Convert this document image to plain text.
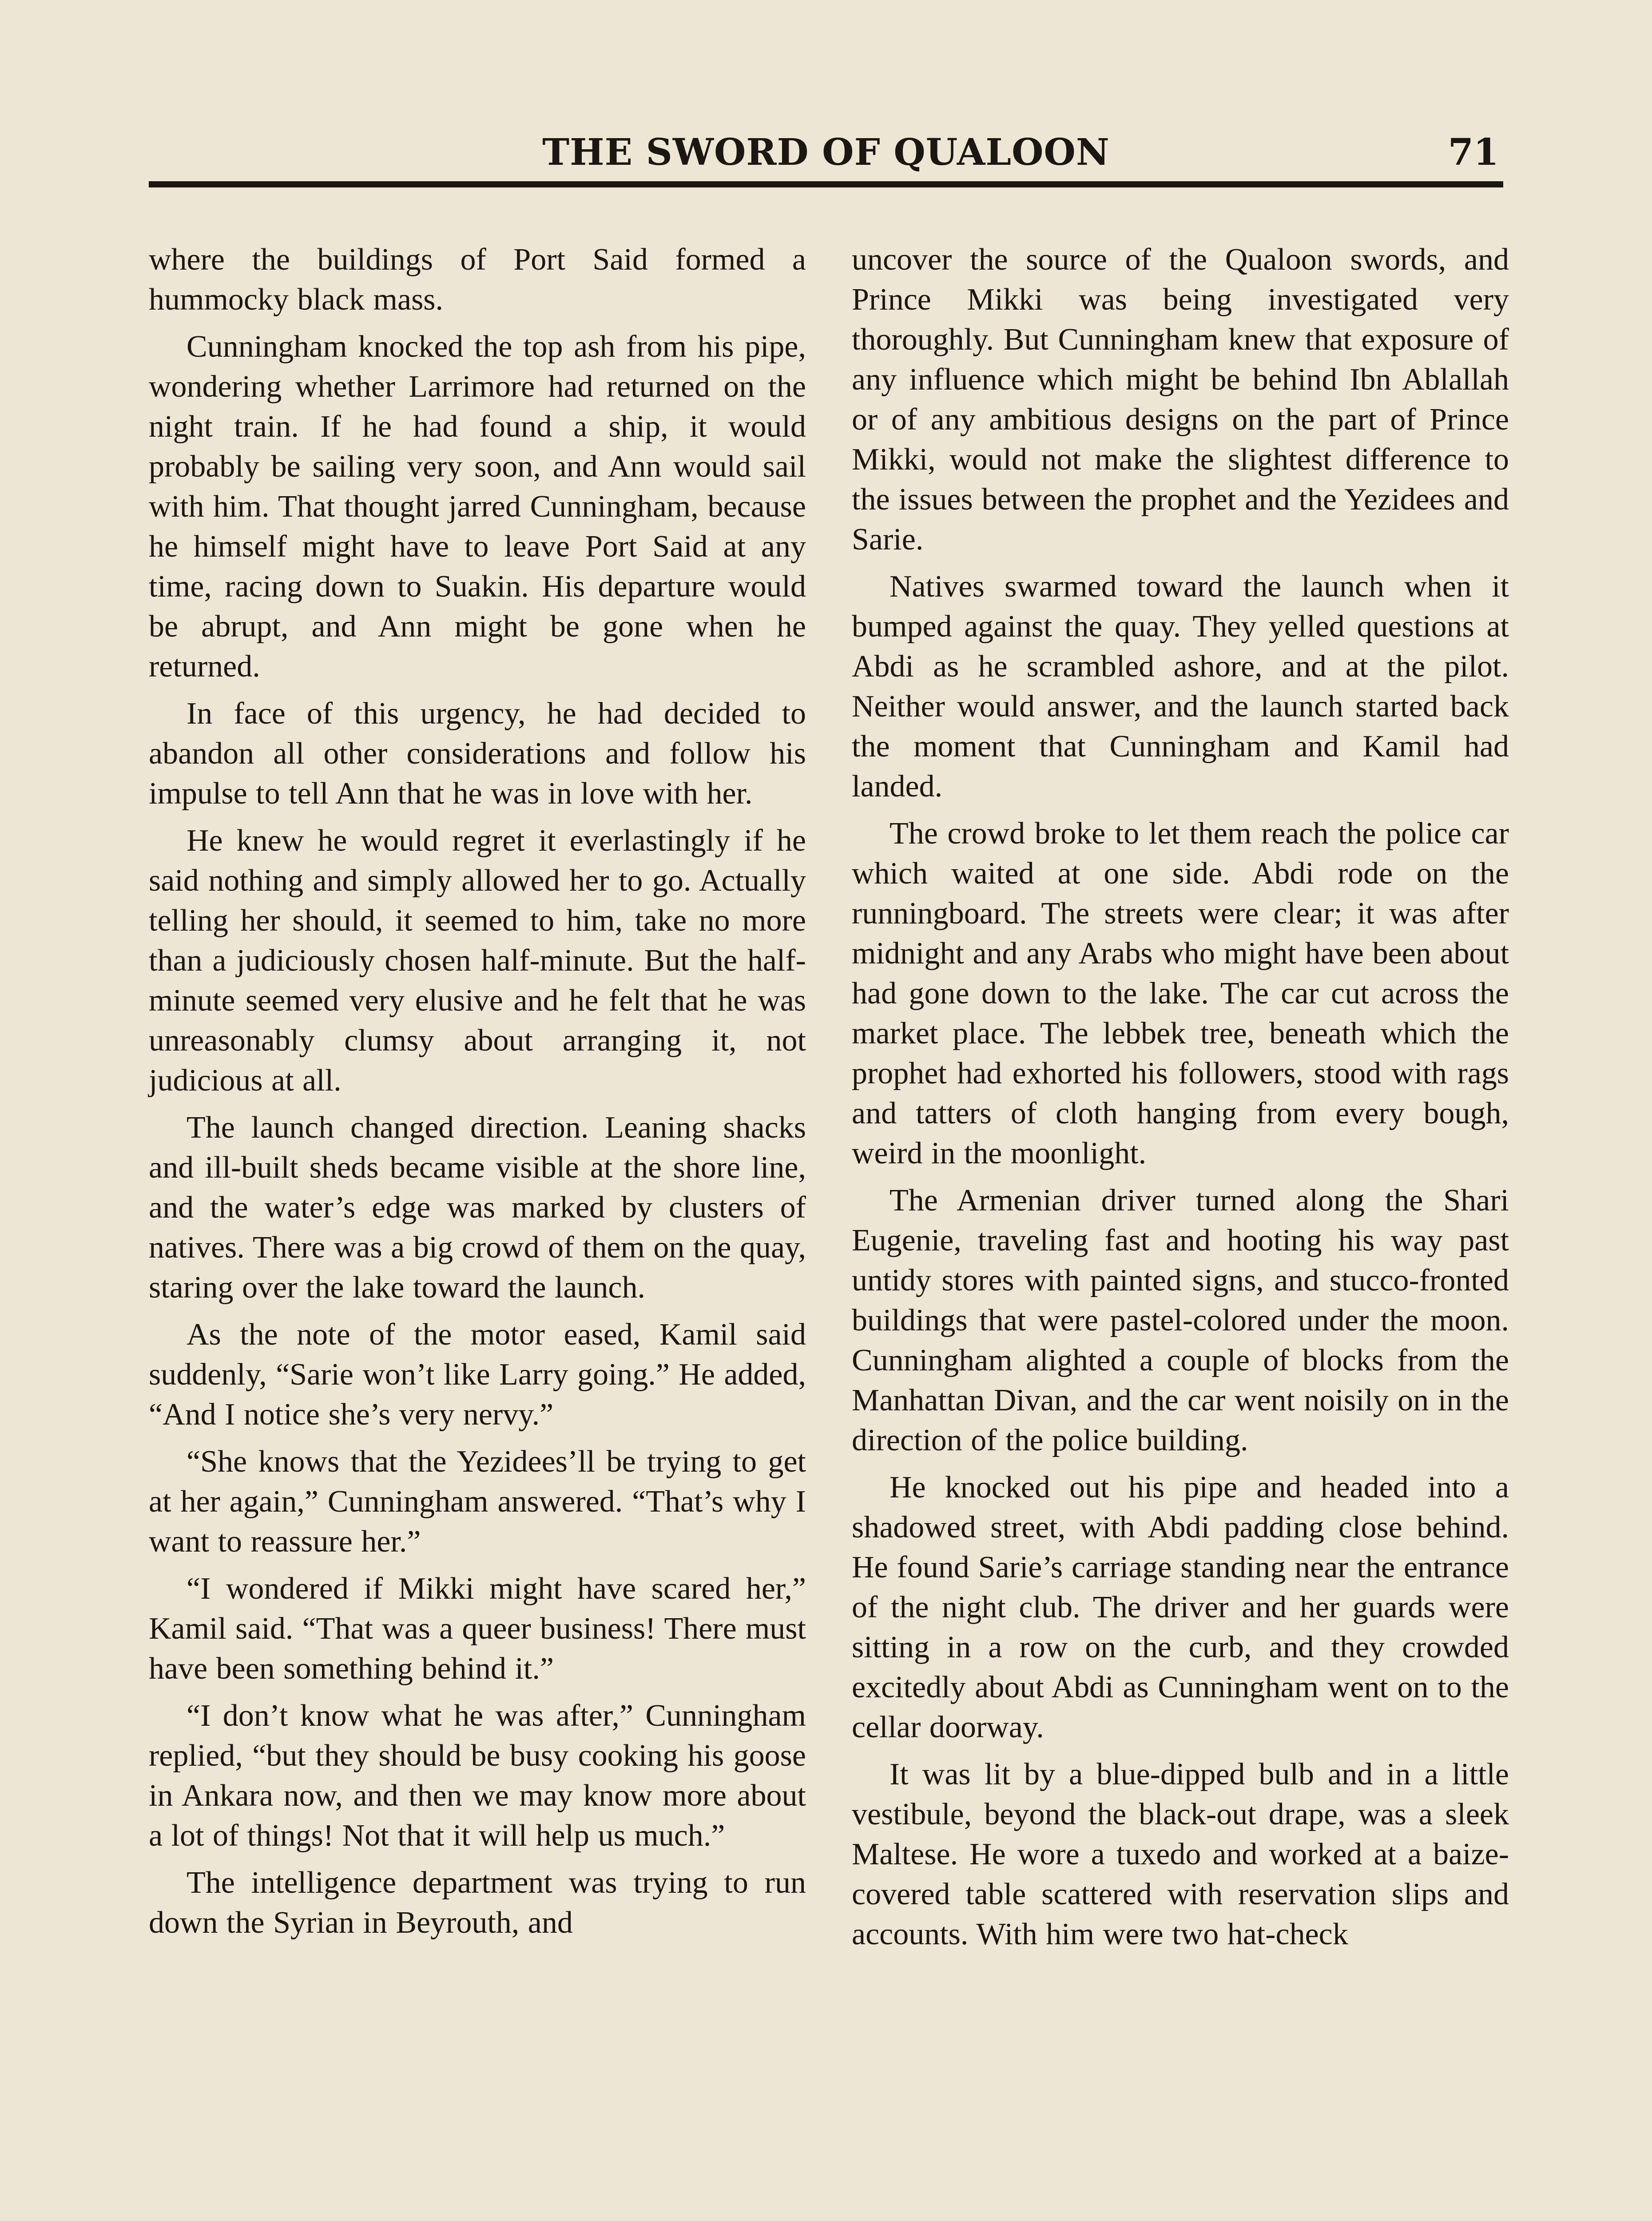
THE SWORD OF QUALOON	71

where the buildings of Port Said formed a hummocky black mass.

Cunningham knocked the top ash from his pipe, wondering whether Larrimore had returned on the night train. If he had found a ship, it would probably be sailing very soon, and Ann would sail with him. That thought jarred Cunningham, because he himself might have to leave Port Said at any time, racing down to Suakin. His departure would be abrupt, and Ann might be gone when he returned.

In face of this urgency, he had decided to abandon all other considerations and follow his impulse to tell Ann that he was in love with her.

He knew he would regret it everlastingly if he said nothing and simply allowed her to go. Actually telling her should, it seemed to him, take no more than a judiciously chosen half-minute. But the half-minute seemed very elusive and he felt that he was unreasonably clumsy about arranging it, not judicious at all.

The launch changed direction. Leaning shacks and ill-built sheds became visible at the shore line, and the water’s edge was marked by clusters of natives. There was a big crowd of them on the quay, staring over the lake toward the launch.

As the note of the motor eased, Kamil said suddenly, “Sarie won’t like Larry going.” He added, “And I notice she’s very nervy.”

“She knows that the Yezidees’ll be trying to get at her again,” Cunningham answered. “That’s why I want to reassure her.”

“I wondered if Mikki might have scared her,” Kamil said. “That was a queer business! There must have been something behind it.”

“I don’t know what he was after,” Cunningham replied, “but they should be busy cooking his goose in Ankara now, and then we may know more about a lot of things! Not that it will help us much.”

The intelligence department was trying to run down the Syrian in Beyrouth, and

uncover the source of the Qualoon swords, and Prince Mikki was being investigated very thoroughly. But Cunningham knew that exposure of any influence which might be behind Ibn Ablallah or of any ambitious designs on the part of Prince Mikki, would not make the slightest difference to the issues between the prophet and the Yezidees and Sarie.

Natives swarmed toward the launch when it bumped against the quay. They yelled questions at Abdi as he scrambled ashore, and at the pilot. Neither would answer, and the launch started back the moment that Cunningham and Kamil had landed.

The crowd broke to let them reach the police car which waited at one side. Abdi rode on the runningboard. The streets were clear; it was after midnight and any Arabs who might have been about had gone down to the lake. The car cut across the market place. The lebbek tree, beneath which the prophet had exhorted his followers, stood with rags and tatters of cloth hanging from every bough, weird in the moonlight.

The Armenian driver turned along the Shari Eugenie, traveling fast and hooting his way past untidy stores with painted signs, and stucco-fronted buildings that were pastel-colored under the moon. Cunningham alighted a couple of blocks from the Manhattan Divan, and the car went noisily on in the direction of the police building.

He knocked out his pipe and headed into a shadowed street, with Abdi padding close behind. He found Sarie’s carriage standing near the entrance of the night club. The driver and her guards were sitting in a row on the curb, and they crowded excitedly about Abdi as Cunningham went on to the cellar doorway.

It was lit by a blue-dipped bulb and in a little vestibule, beyond the black-out drape, was a sleek Maltese. He wore a tuxedo and worked at a baize-covered table scattered with reservation slips and accounts. With him were two hat-check
